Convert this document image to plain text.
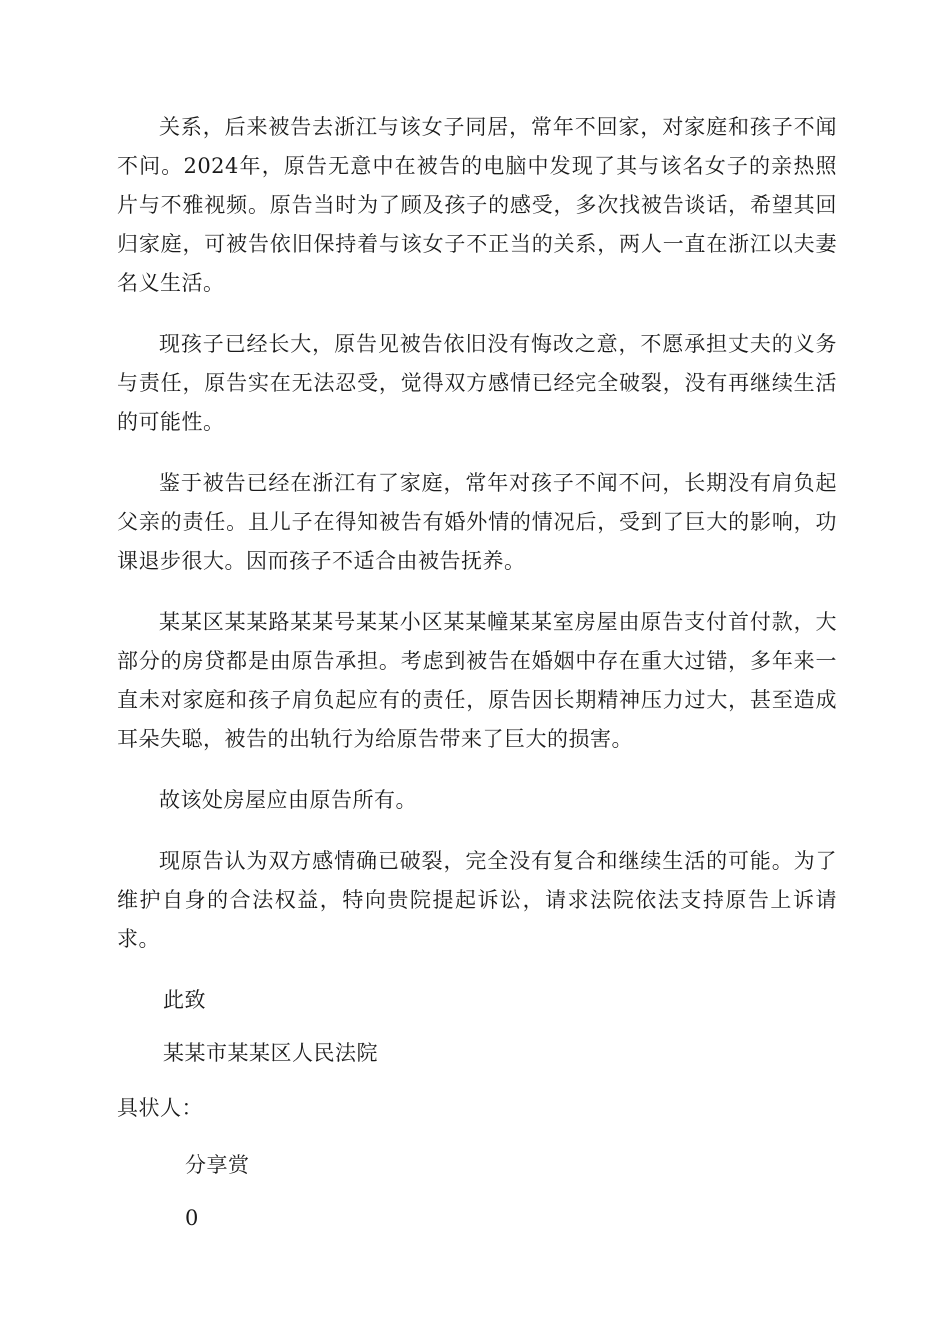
关系，后来被告去浙江与该女子同居，常年不回家，对家庭和孩子不闻不问。2024年，原告无意中在被告的电脑中发现了其与该名女子的亲热照片与不雅视频。原告当时为了顾及孩子的感受，多次找被告谈话，希望其回归家庭，可被告依旧保持着与该女子不正当的关系，两人一直在浙江以夫妻名义生活。

现孩子已经长大，原告见被告依旧没有悔改之意，不愿承担丈夫的义务与责任，原告实在无法忍受，觉得双方感情已经完全破裂，没有再继续生活的可能性。

鉴于被告已经在浙江有了家庭，常年对孩子不闻不问，长期没有肩负起父亲的责任。且儿子在得知被告有婚外情的情况后，受到了巨大的影响，功课退步很大。因而孩子不适合由被告抚养。

某某区某某路某某号某某小区某某幢某某室房屋由原告支付首付款，大部分的房贷都是由原告承担。考虑到被告在婚姻中存在重大过错，多年来一直未对家庭和孩子肩负起应有的责任，原告因长期精神压力过大，甚至造成耳朵失聪，被告的出轨行为给原告带来了巨大的损害。

故该处房屋应由原告所有。

现原告认为双方感情确已破裂，完全没有复合和继续生活的可能。为了维护自身的合法权益，特向贵院提起诉讼，请求法院依法支持原告上诉请求。

此致

某某市某某区人民法院

具状人：

分享赏

0
